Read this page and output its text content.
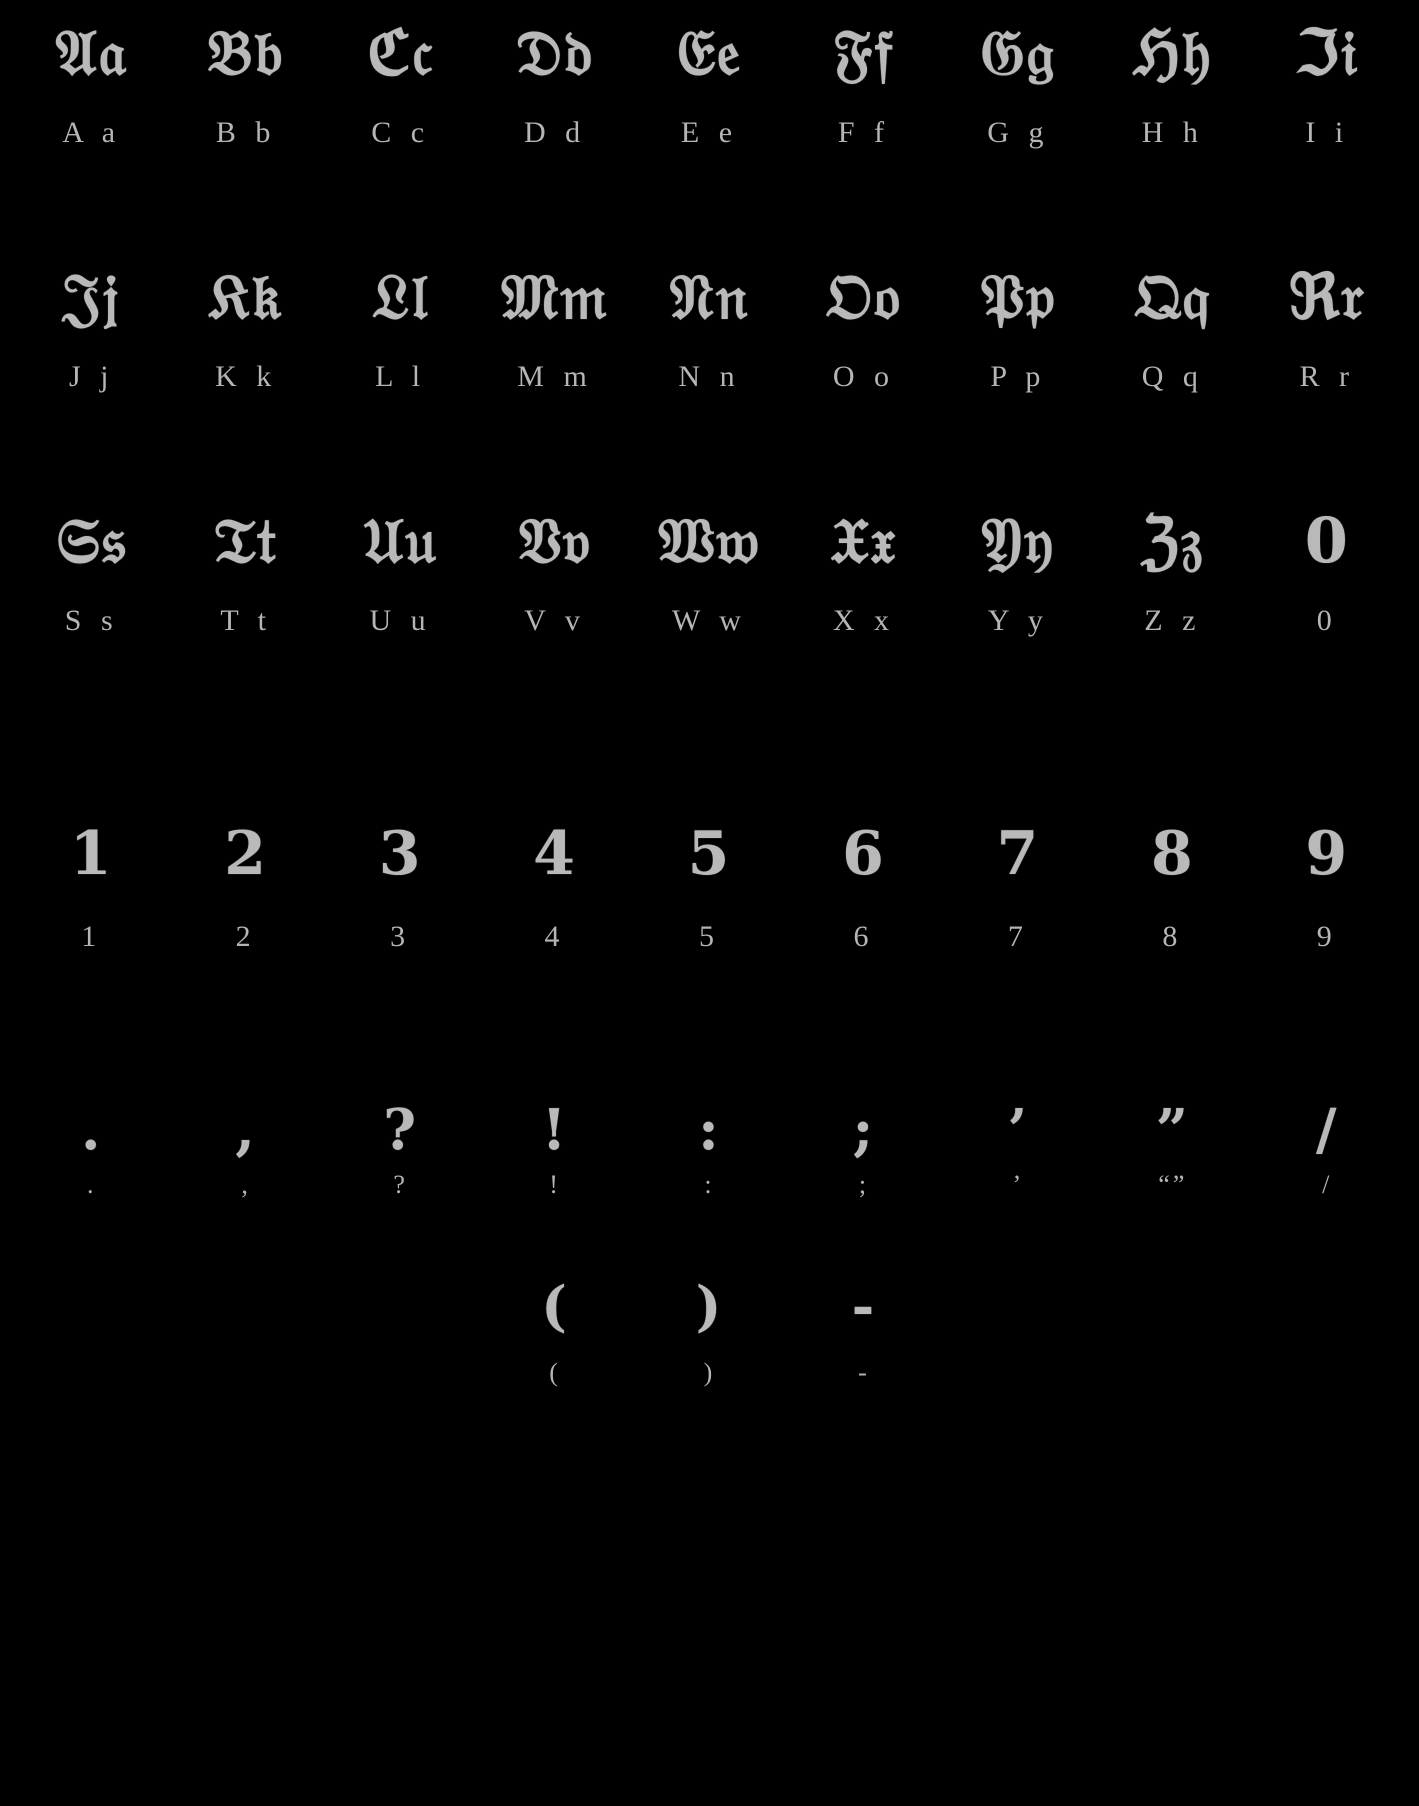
𝔄𝔞
A a
𝔅𝔟
B b
ℭ𝔠
C c
𝔇𝔡
D d
𝔈𝔢
E e
𝔉𝔣
F f
𝔊𝔤
G g
ℌ𝔥
H h
ℑ𝔦
I i
𝔍𝔧
J j
𝔎𝔨
K k
𝔏𝔩
L l
𝔐𝔪
M m
𝔑𝔫
N n
𝔒𝔬
O o
𝔓𝔭
P p
𝔔𝔮
Q q
ℜ𝔯
R r
𝔖𝔰
S s
𝔗𝔱
T t
𝔘𝔲
U u
𝔙𝔳
V v
𝔚𝔴
W w
𝔛𝔵
X x
𝔜𝔶
Y y
ℨ𝔷
Z z
0
0
1
1
2
2
3
3
4
4
5
5
6
6
7
7
8
8
9
9
.
.
,
,
?
?
!
!
:
:
;
;
’
’
”
“”
/
/
(
(
)
)
-
-
